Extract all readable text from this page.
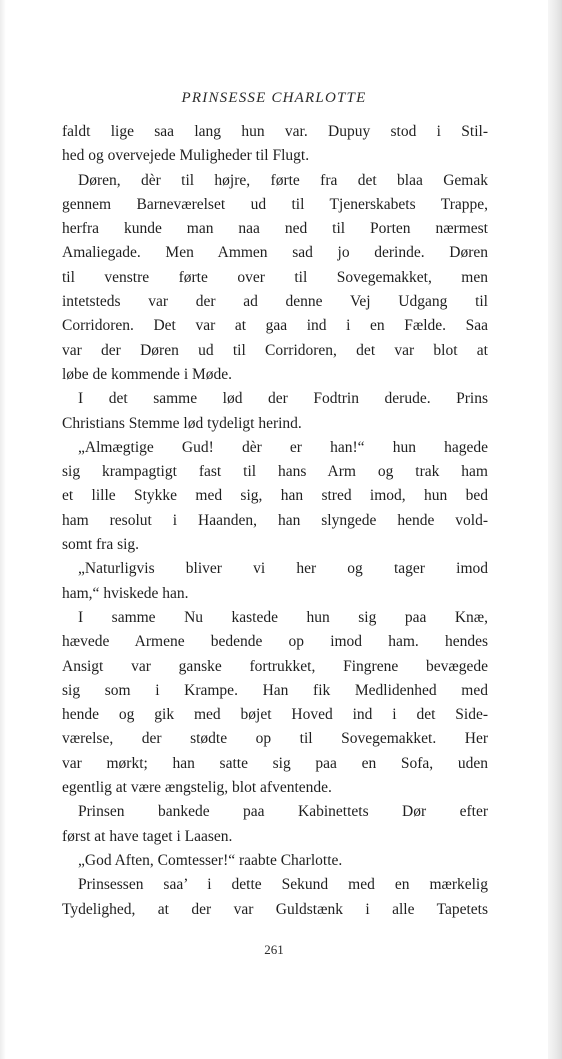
PRINSESSE CHARLOTTE
faldt lige saa lang hun var. Dupuy stod i Stil-
hed og overvejede Muligheder til Flugt.
Døren, dèr til højre, førte fra det blaa Gemak
gennem Barneværelset ud til Tjenerskabets Trappe,
herfra kunde man naa ned til Porten nærmest
Amaliegade. Men Ammen sad jo derinde. Døren
til venstre førte over til Sovegemakket, men
intetsteds var der ad denne Vej Udgang til
Corridoren. Det var at gaa ind i en Fælde. Saa
var der Døren ud til Corridoren, det var blot at
løbe de kommende i Møde.
I det samme lød der Fodtrin derude. Prins
Christians Stemme lød tydeligt herind.
„Almægtige Gud! dèr er han!“ hun hagede
sig krampagtigt fast til hans Arm og trak ham
et lille Stykke med sig, han stred imod, hun bed
ham resolut i Haanden, han slyngede hende vold-
somt fra sig.
„Naturligvis bliver vi her og tager imod
ham,“ hviskede han.
I samme Nu kastede hun sig paa Knæ,
hævede Armene bedende op imod ham. hendes
Ansigt var ganske fortrukket, Fingrene bevægede
sig som i Krampe. Han fik Medlidenhed med
hende og gik med bøjet Hoved ind i det Side-
værelse, der stødte op til Sovegemakket. Her
var mørkt; han satte sig paa en Sofa, uden
egentlig at være ængstelig, blot afventende.
Prinsen bankede paa Kabinettets Dør efter
først at have taget i Laasen.
„God Aften, Comtesser!“ raabte Charlotte.
Prinsessen saa’ i dette Sekund med en mærkelig
Tydelighed, at der var Guldstænk i alle Tapetets
261
